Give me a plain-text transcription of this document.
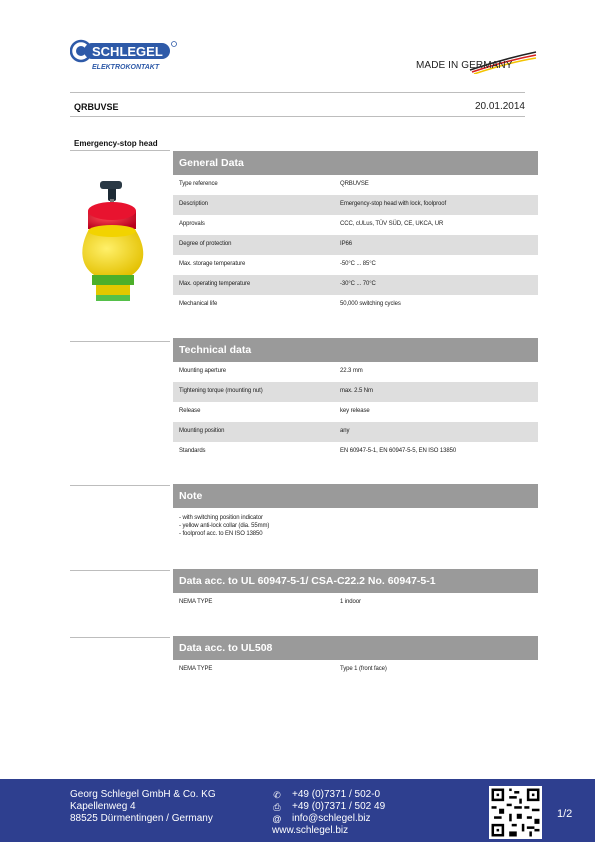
SCHLEGEL
ELEKTROKONTAKT	MADE IN GERMANY
QRBUVSE	20.01.2014
Emergency-stop head
General Data
Type reference	QRBUVSE
Description	Emergency-stop head with lock, foolproof
Approvals	CCC, cULus, TÜV SÜD, CE, UKCA, UR
Degree of protection	IP66
Max. storage temperature	-50°C ... 85°C
Max. operating temperature	-30°C ... 70°C
Mechanical life	50,000 switching cycles
Technical data
Mounting aperture	22.3 mm
Tightening torque (mounting nut)	max. 2.5 Nm
Release	key release
Mounting position	any
Standards	EN 60947-5-1, EN 60947-5-5, EN ISO 13850
Note
- with switching position indicator
- yellow anti-lock collar (dia. 55mm)
- foolproof acc. to EN ISO 13850
Data acc. to UL 60947-5-1/ CSA-C22.2 No. 60947-5-1
NEMA TYPE	1 indoor
Data acc. to UL508
NEMA TYPE	Type 1 (front face)
Georg Schlegel GmbH & Co. KG
Kapellenweg 4
88525 Dürmentingen / Germany
✆ +49 (0)7371 / 502-0
⎙ +49 (0)7371 / 502 49
@ info@schlegel.biz
www.schlegel.biz
1/2
